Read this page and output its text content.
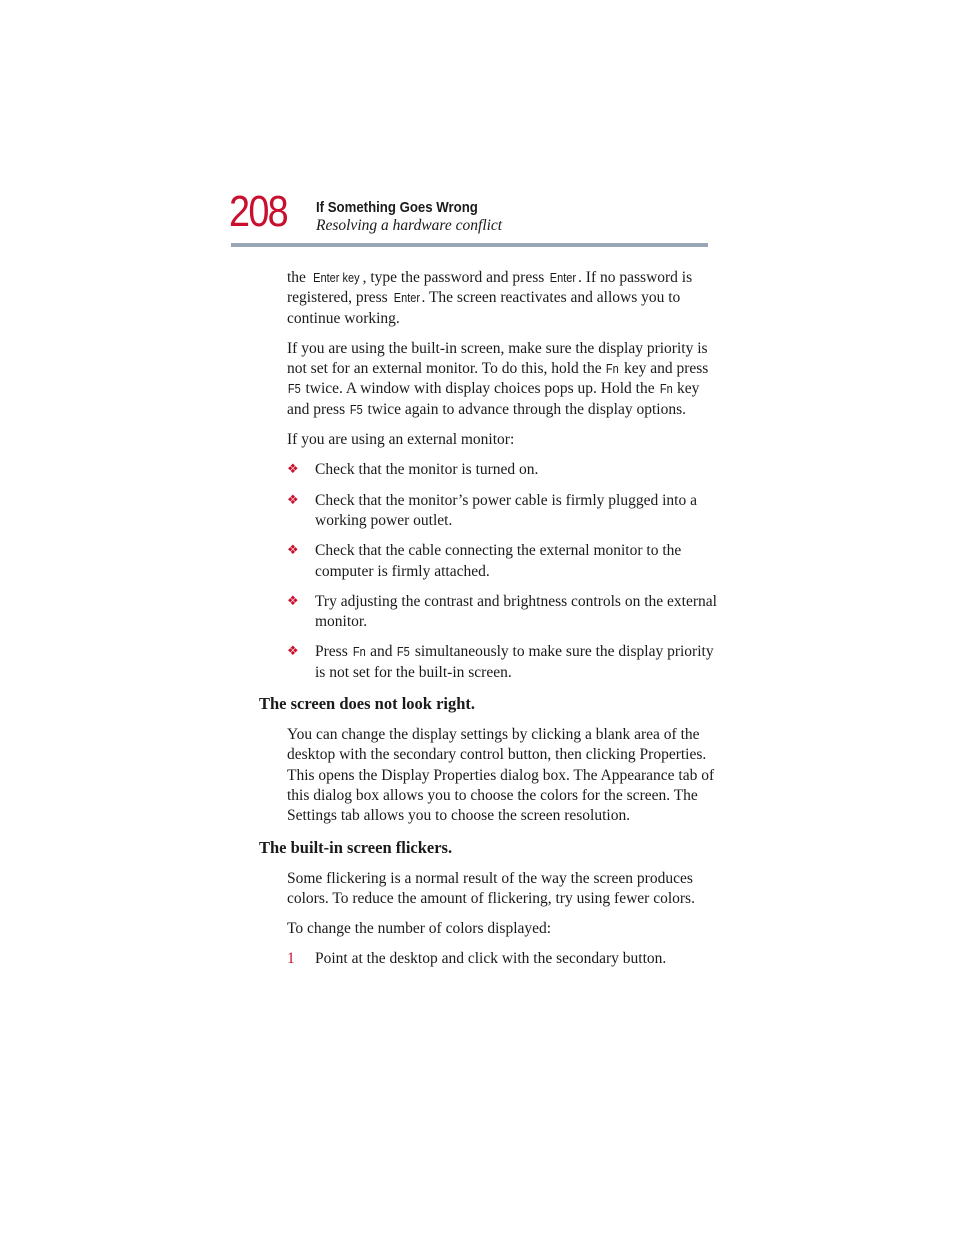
208 If Something Goes Wrong
Resolving a hardware conflict

the Enter key , type the password and press Enter . If no password is registered, press Enter . The screen reactivates and allows you to continue working.

If you are using the built-in screen, make sure the display priority is not set for an external monitor. To do this, hold the Fn key and press F5 twice. A window with display choices pops up. Hold the Fn key and press F5 twice again to advance through the display options.

If you are using an external monitor:

❖ Check that the monitor is turned on.
❖ Check that the monitor’s power cable is firmly plugged into a working power outlet.
❖ Check that the cable connecting the external monitor to the computer is firmly attached.
❖ Try adjusting the contrast and brightness controls on the external monitor.
❖ Press Fn and F5 simultaneously to make sure the display priority is not set for the built-in screen.
The screen does not look right.

You can change the display settings by clicking a blank area of the desktop with the secondary control button, then clicking Properties. This opens the Display Properties dialog box. The Appearance tab of this dialog box allows you to choose the colors for the screen. The Settings tab allows you to choose the screen resolution.

The built-in screen flickers.

Some flickering is a normal result of the way the screen produces colors. To reduce the amount of flickering, try using fewer colors.

To change the number of colors displayed:

1 Point at the desktop and click with the secondary button.
